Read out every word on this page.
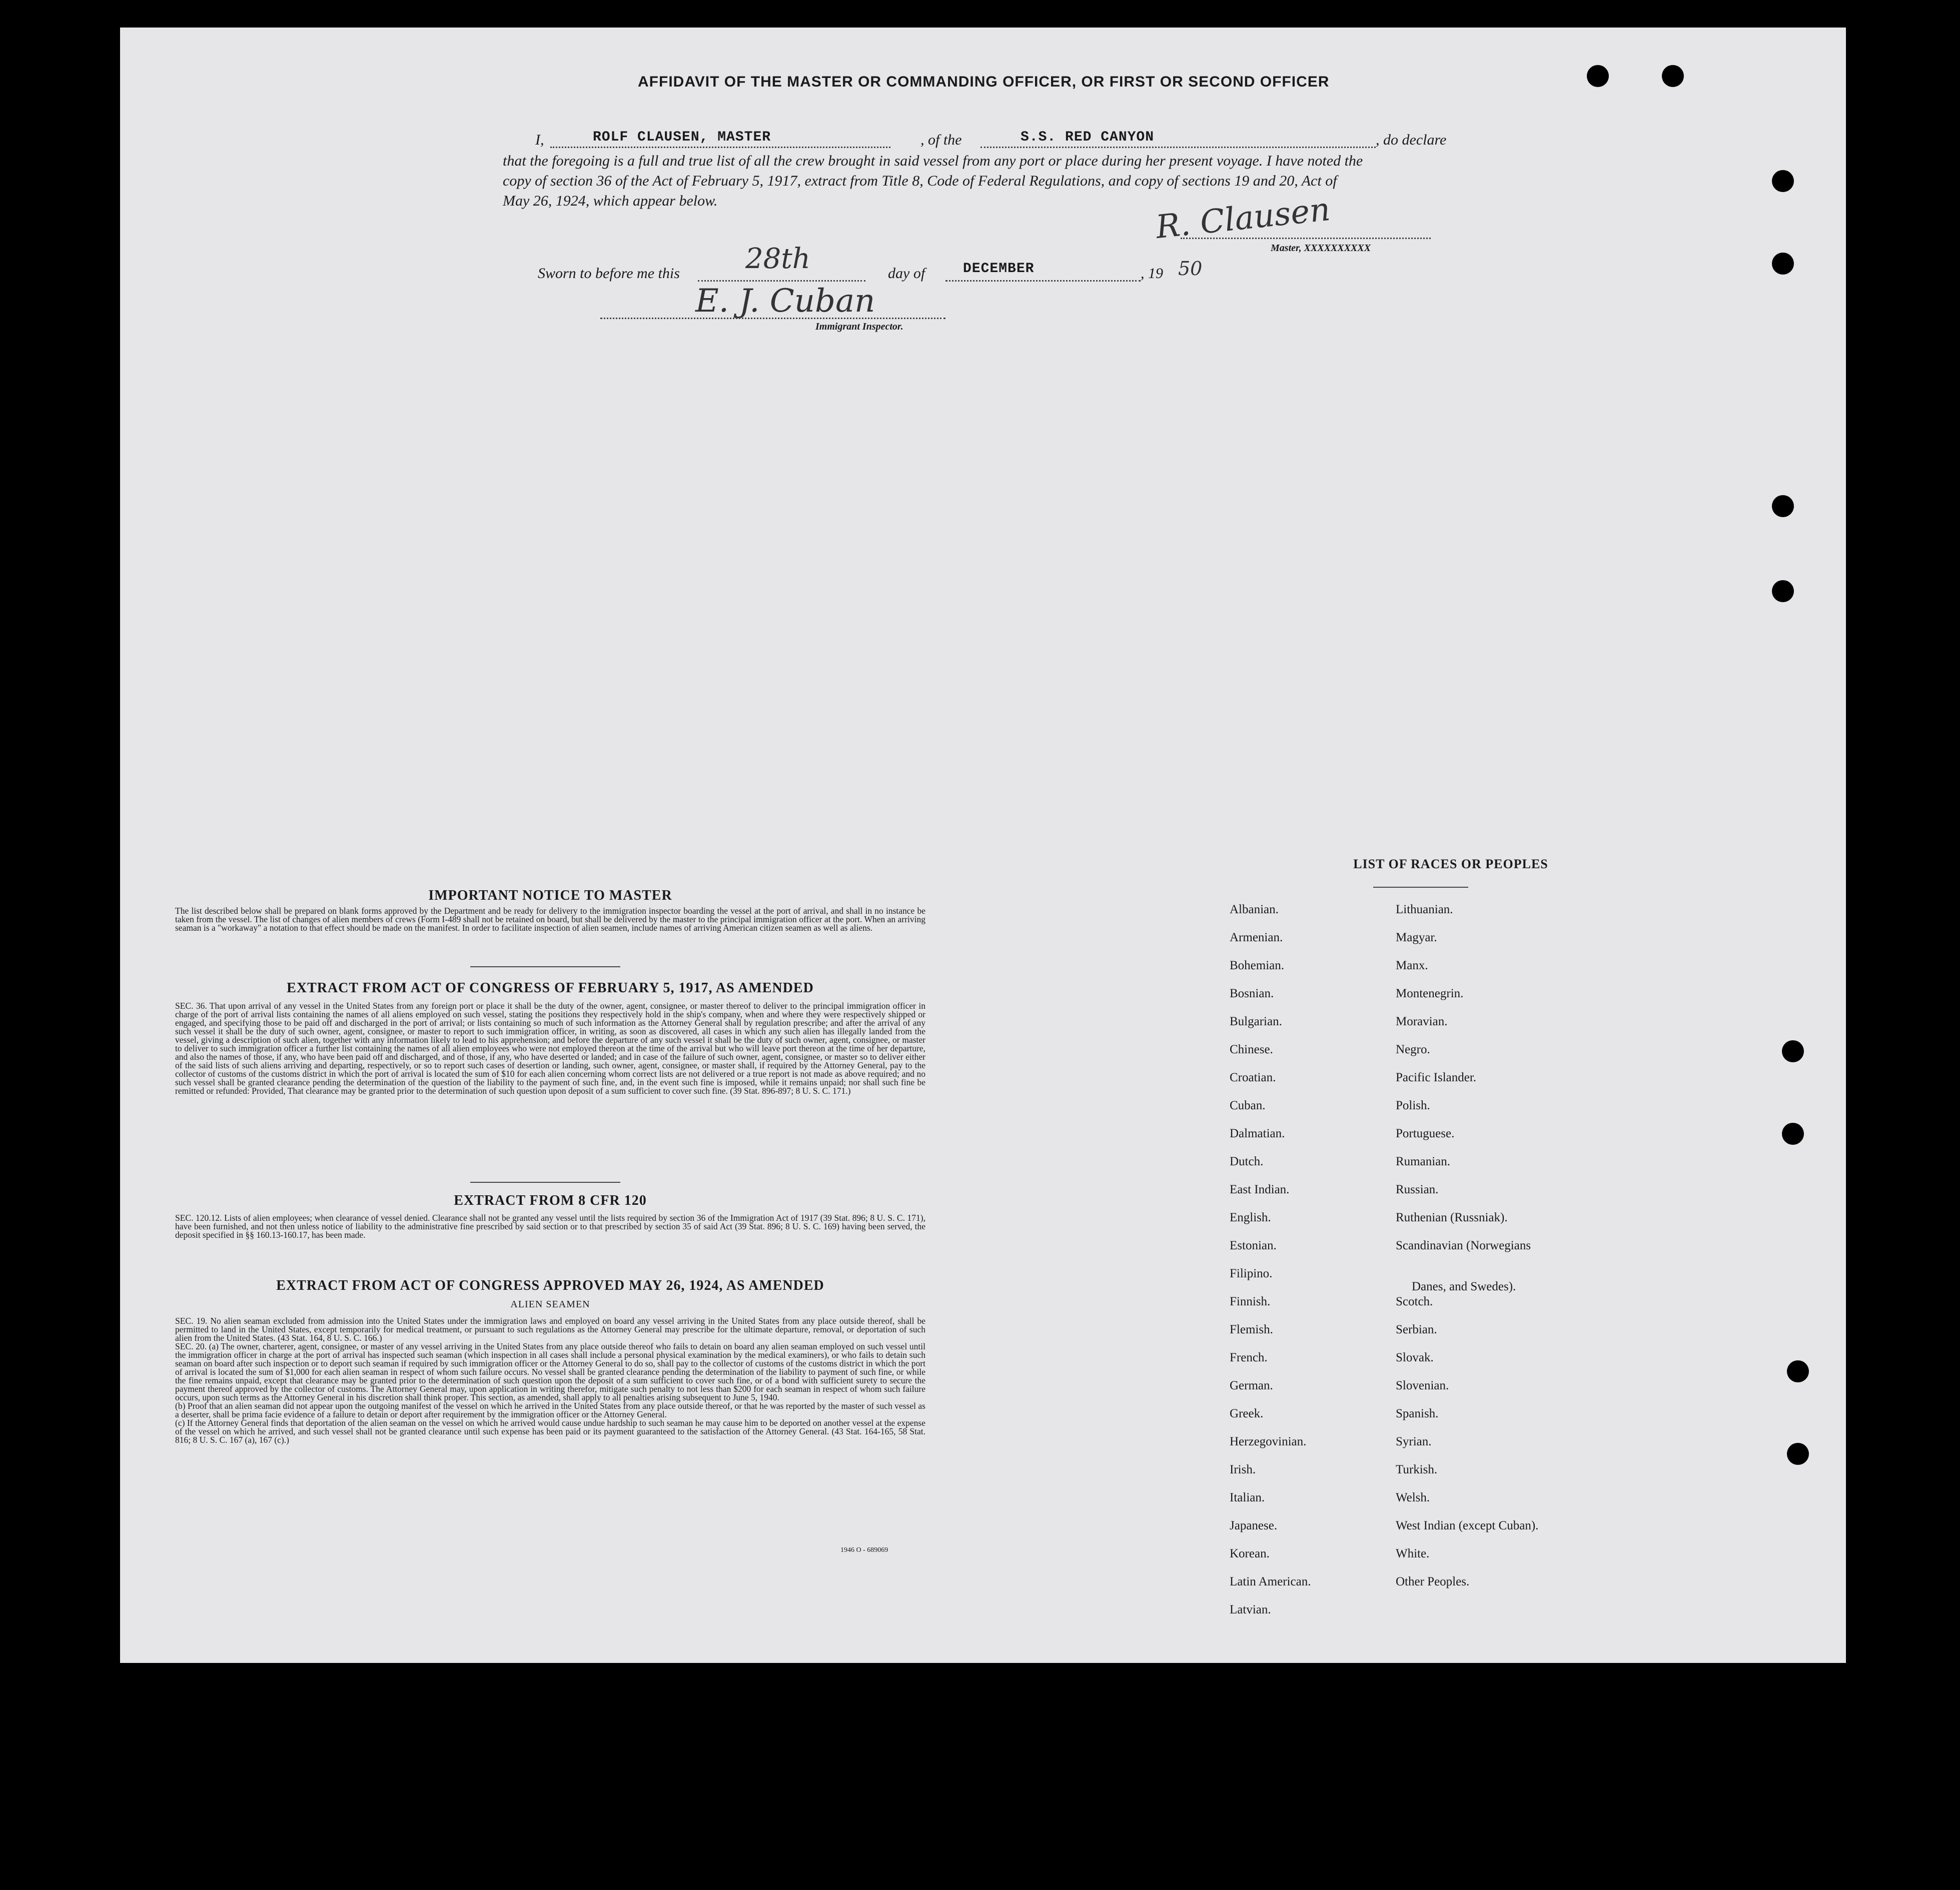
AFFIDAVIT OF THE MASTER OR COMMANDING OFFICER, OR FIRST OR SECOND OFFICER
I,	ROLF CLAUSEN, MASTER	, of the	S.S. RED CANYON	, do declare
that the foregoing is a full and true list of all the crew brought in said vessel from any port or place during her present voyage. I have noted the
copy of section 36 of the Act of February 5, 1917, extract from Title 8, Code of Federal Regulations, and copy of sections 19 and 20, Act of
May 26, 1924, which appear below.	R. Clausen
Master, XXXXXXXXXX
Sworn to before me this 28th	day of	DECEMBER	, 19 50
E. J. Cuban
Immigrant Inspector.
IMPORTANT NOTICE TO MASTER
The list described below shall be prepared on blank forms approved by the Department and be ready for delivery to the immigration inspector boarding the vessel at the port of arrival, and shall in no instance be taken from the vessel. The list of changes of alien members of crews (Form I-489 shall not be retained on board, but shall be delivered by the master to the principal immigration officer at the port. When an arriving seaman is a "workaway" a notation to that effect should be made on the manifest. In order to facilitate inspection of alien seamen, include names of arriving American citizen seamen as well as aliens.
EXTRACT FROM ACT OF CONGRESS OF FEBRUARY 5, 1917, AS AMENDED
SEC. 36. That upon arrival of any vessel in the United States from any foreign port or place it shall be the duty of the owner, agent, consignee, or master thereof to deliver to the principal immigration officer in charge of the port of arrival lists containing the names of all aliens employed on such vessel, stating the positions they respectively hold in the ship's company, when and where they were respectively shipped or engaged, and specifying those to be paid off and discharged in the port of arrival; or lists containing so much of such information as the Attorney General shall by regulation prescribe; and after the arrival of any such vessel it shall be the duty of such owner, agent, consignee, or master to report to such immigration officer, in writing, as soon as discovered, all cases in which any such alien has illegally landed from the vessel, giving a description of such alien, together with any information likely to lead to his apprehension; and before the departure of any such vessel it shall be the duty of such owner, agent, consignee, or master to deliver to such immigration officer a further list containing the names of all alien employees who were not employed thereon at the time of the arrival but who will leave port thereon at the time of her departure, and also the names of those, if any, who have been paid off and discharged, and of those, if any, who have deserted or landed; and in case of the failure of such owner, agent, consignee, or master so to deliver either of the said lists of such aliens arriving and departing, respectively, or so to report such cases of desertion or landing, such owner, agent, consignee, or master shall, if required by the Attorney General, pay to the collector of customs of the customs district in which the port of arrival is located the sum of $10 for each alien concerning whom correct lists are not delivered or a true report is not made as above required; and no such vessel shall be granted clearance pending the determination of the question of the liability to the payment of such fine, and, in the event such fine is imposed, while it remains unpaid; nor shall such fine be remitted or refunded: Provided, That clearance may be granted prior to the determination of such question upon deposit of a sum sufficient to cover such fine. (39 Stat. 896-897; 8 U. S. C. 171.)
EXTRACT FROM 8 CFR 120
SEC. 120.12. Lists of alien employees; when clearance of vessel denied. Clearance shall not be granted any vessel until the lists required by section 36 of the Immigration Act of 1917 (39 Stat. 896; 8 U. S. C. 171), have been furnished, and not then unless notice of liability to the administrative fine prescribed by said section or to that prescribed by section 35 of said Act (39 Stat. 896; 8 U. S. C. 169) having been served, the deposit specified in §§ 160.13-160.17, has been made.
EXTRACT FROM ACT OF CONGRESS APPROVED MAY 26, 1924, AS AMENDED
ALIEN SEAMEN
SEC. 19. No alien seaman excluded from admission into the United States under the immigration laws and employed on board any vessel arriving in the United States from any place outside thereof, shall be permitted to land in the United States, except temporarily for medical treatment, or pursuant to such regulations as the Attorney General may prescribe for the ultimate departure, removal, or deportation of such alien from the United States. (43 Stat. 164, 8 U. S. C. 166.)
SEC. 20. (a) The owner, charterer, agent, consignee, or master of any vessel arriving in the United States from any place outside thereof who fails to detain on board any alien seaman employed on such vessel until the immigration officer in charge at the port of arrival has inspected such seaman (which inspection in all cases shall include a personal physical examination by the medical examiners), or who fails to detain such seaman on board after such inspection or to deport such seaman if required by such immigration officer or the Attorney General to do so, shall pay to the collector of customs of the customs district in which the port of arrival is located the sum of $1,000 for each alien seaman in respect of whom such failure occurs. No vessel shall be granted clearance pending the determination of the liability to payment of such fine, or while the fine remains unpaid, except that clearance may be granted prior to the determination of such question upon the deposit of a sum sufficient to cover such fine, or of a bond with sufficient surety to secure the payment thereof approved by the collector of customs. The Attorney General may, upon application in writing therefor, mitigate such penalty to not less than $200 for each seaman in respect of whom such failure occurs, upon such terms as the Attorney General in his discretion shall think proper. This section, as amended, shall apply to all penalties arising subsequent to June 5, 1940.
(b) Proof that an alien seaman did not appear upon the outgoing manifest of the vessel on which he arrived in the United States from any place outside thereof, or that he was reported by the master of such vessel as a deserter, shall be prima facie evidence of a failure to detain or deport after requirement by the immigration officer or the Attorney General.
(c) If the Attorney General finds that deportation of the alien seaman on the vessel on which he arrived would cause undue hardship to such seaman he may cause him to be deported on another vessel at the expense of the vessel on which he arrived, and such vessel shall not be granted clearance until such expense has been paid or its payment guaranteed to the satisfaction of the Attorney General. (43 Stat. 164-165, 58 Stat. 816; 8 U. S. C. 167 (a), 167 (c).)
1946 O - 689069
LIST OF RACES OR PEOPLES
Albanian.
Armenian.
Bohemian.
Bosnian.
Bulgarian.
Chinese.
Croatian.
Cuban.
Dalmatian.
Dutch.
East Indian.
English.
Estonian.
Filipino.
Finnish.
Flemish.
French.
German.
Greek.
Herzegovinian.
Irish.
Italian.
Japanese.
Korean.
Latin American.
Latvian.
Lithuanian.
Magyar.
Manx.
Montenegrin.
Moravian.
Negro.
Pacific Islander.
Polish.
Portuguese.
Rumanian.
Russian.
Ruthenian (Russniak).
Scandinavian (Norwegians
Danes, and Swedes).
Scotch.
Serbian.
Slovak.
Slovenian.
Spanish.
Syrian.
Turkish.
Welsh.
West Indian (except Cuban).
White.
Other Peoples.
